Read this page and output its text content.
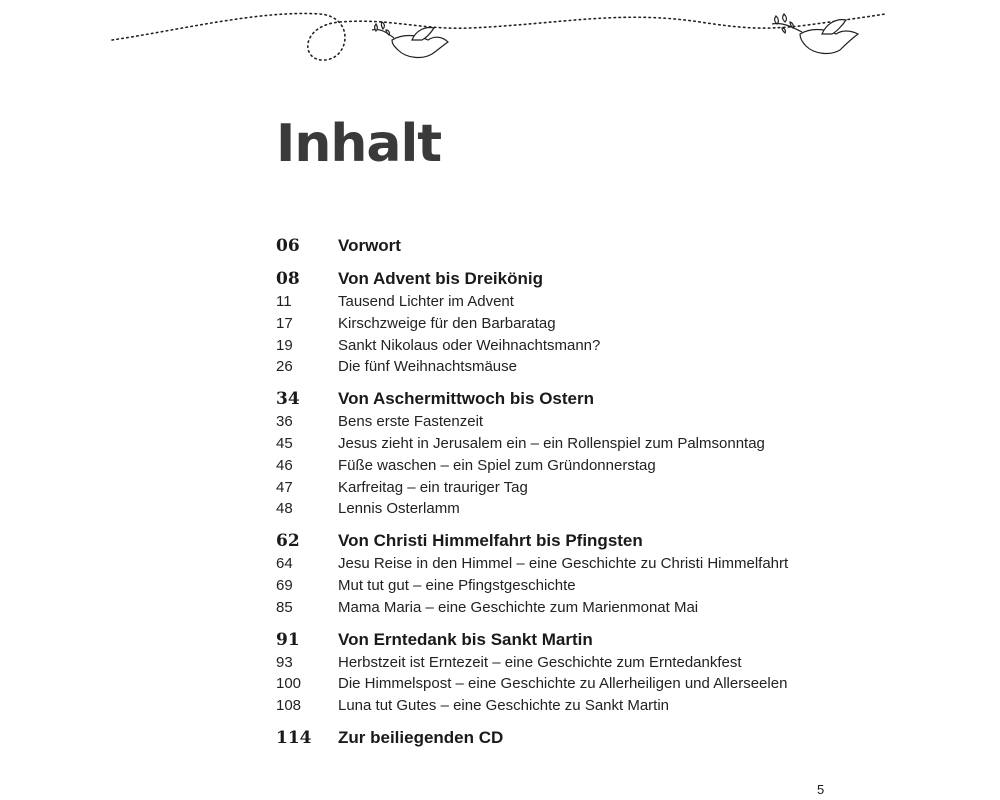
Inhalt
06	Vorwort
08	Von Advent bis Dreikönig
11	Tausend Lichter im Advent
17	Kirschzweige für den Barbaratag
19	Sankt Nikolaus oder Weihnachtsmann?
26	Die fünf Weihnachtsmäuse
34	Von Aschermittwoch bis Ostern
36	Bens erste Fastenzeit
45	Jesus zieht in Jerusalem ein – ein Rollenspiel zum Palmsonntag
46	Füße waschen – ein Spiel zum Gründonnerstag
47	Karfreitag – ein trauriger Tag
48	Lennis Osterlamm
62	Von Christi Himmelfahrt bis Pfingsten
64	Jesu Reise in den Himmel – eine Geschichte zu Christi Himmelfahrt
69	Mut tut gut – eine Pfingstgeschichte
85	Mama Maria – eine Geschichte zum Marienmonat Mai
91	Von Erntedank bis Sankt Martin
93	Herbstzeit ist Erntezeit – eine Geschichte zum Erntedankfest
100	Die Himmelspost – eine Geschichte zu Allerheiligen und Allerseelen
108	Luna tut Gutes – eine Geschichte zu Sankt Martin
114	Zur beiliegenden CD
5
